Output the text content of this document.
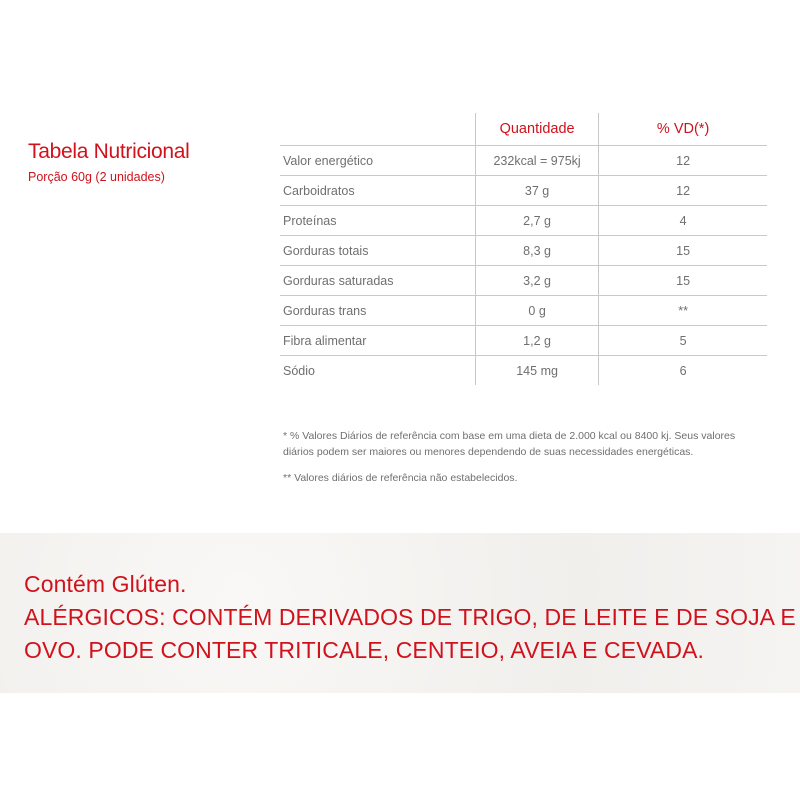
Tabela Nutricional
Porção 60g (2 unidades)
	Quantidade	% VD(*)
Valor energético	232kcal = 975kj	12
Carboidratos	37 g	12
Proteínas	2,7 g	4
Gorduras totais	8,3 g	15
Gorduras saturadas	3,2 g	15
Gorduras trans	0 g	**
Fibra alimentar	1,2 g	5
Sódio	145 mg	6

* % Valores Diários de referência com base em uma dieta de 2.000 kcal ou 8400 kj. Seus valores diários podem ser maiores ou menores dependendo de suas necessidades energéticas.

** Valores diários de referência não estabelecidos.

Contém Glúten.
ALÉRGICOS: CONTÉM DERIVADOS DE TRIGO, DE LEITE E DE SOJA E
OVO. PODE CONTER TRITICALE, CENTEIO, AVEIA E CEVADA.
